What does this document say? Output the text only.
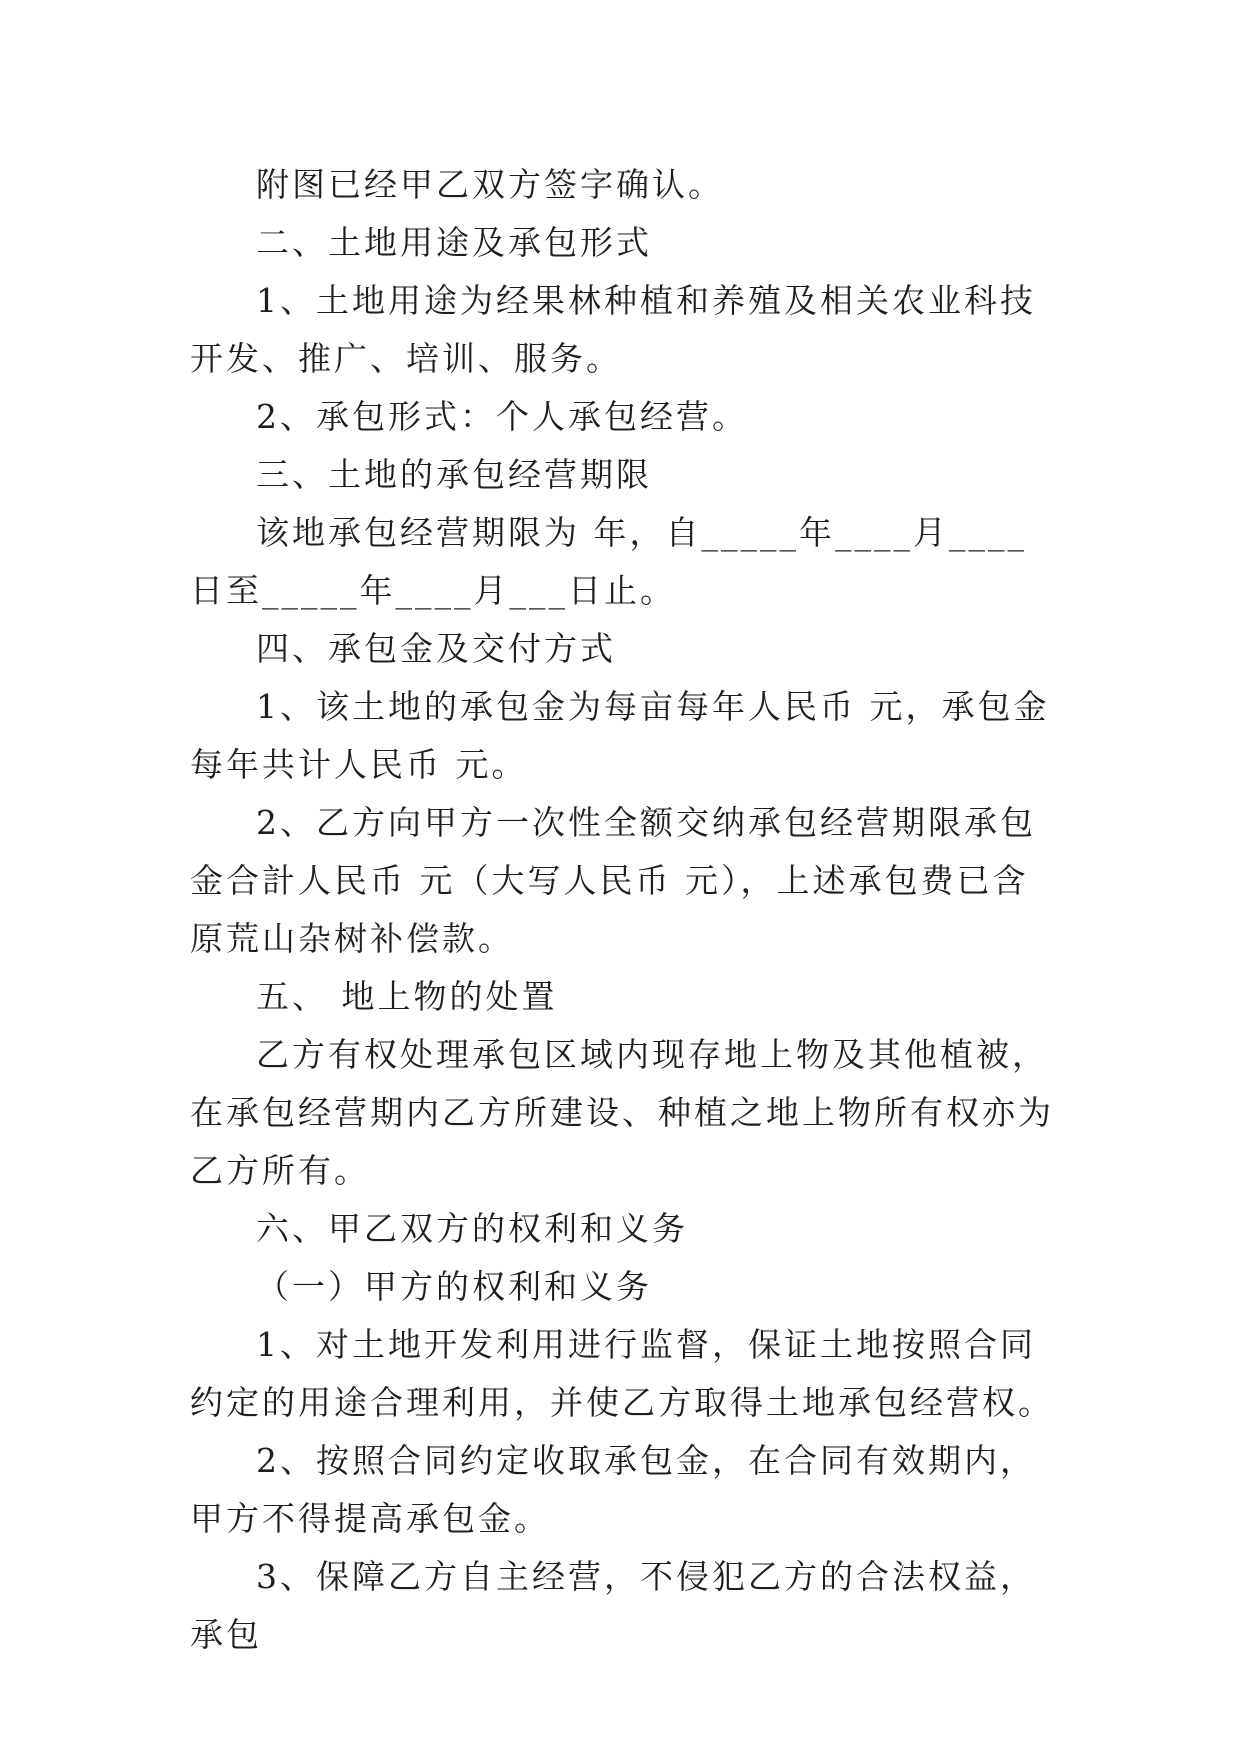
附图已经甲乙双方签字确认。

二、土地用途及承包形式

1、土地用途为经果林种植和养殖及相关农业科技开发、推广、培训、服务。

2、承包形式：个人承包经营。

三、土地的承包经营期限

该地承包经营期限为 年，自_____年____月____日至_____年____月___日止。

四、承包金及交付方式

1、该土地的承包金为每亩每年人民币 元，承包金每年共计人民币 元。

2、乙方向甲方一次性全额交纳承包经营期限承包金合計人民币 元（大写人民币 元），上述承包费已含原荒山杂树补偿款。

五、 地上物的处置

乙方有权处理承包区域内现存地上物及其他植被，在承包经营期内乙方所建设、种植之地上物所有权亦为乙方所有。

六、甲乙双方的权利和义务

（一）甲方的权利和义务

1、对土地开发利用进行监督，保证土地按照合同约定的用途合理利用，并使乙方取得土地承包经营权。

2、按照合同约定收取承包金，在合同有效期内，甲方不得提高承包金。

3、保障乙方自主经营，不侵犯乙方的合法权益，承包
